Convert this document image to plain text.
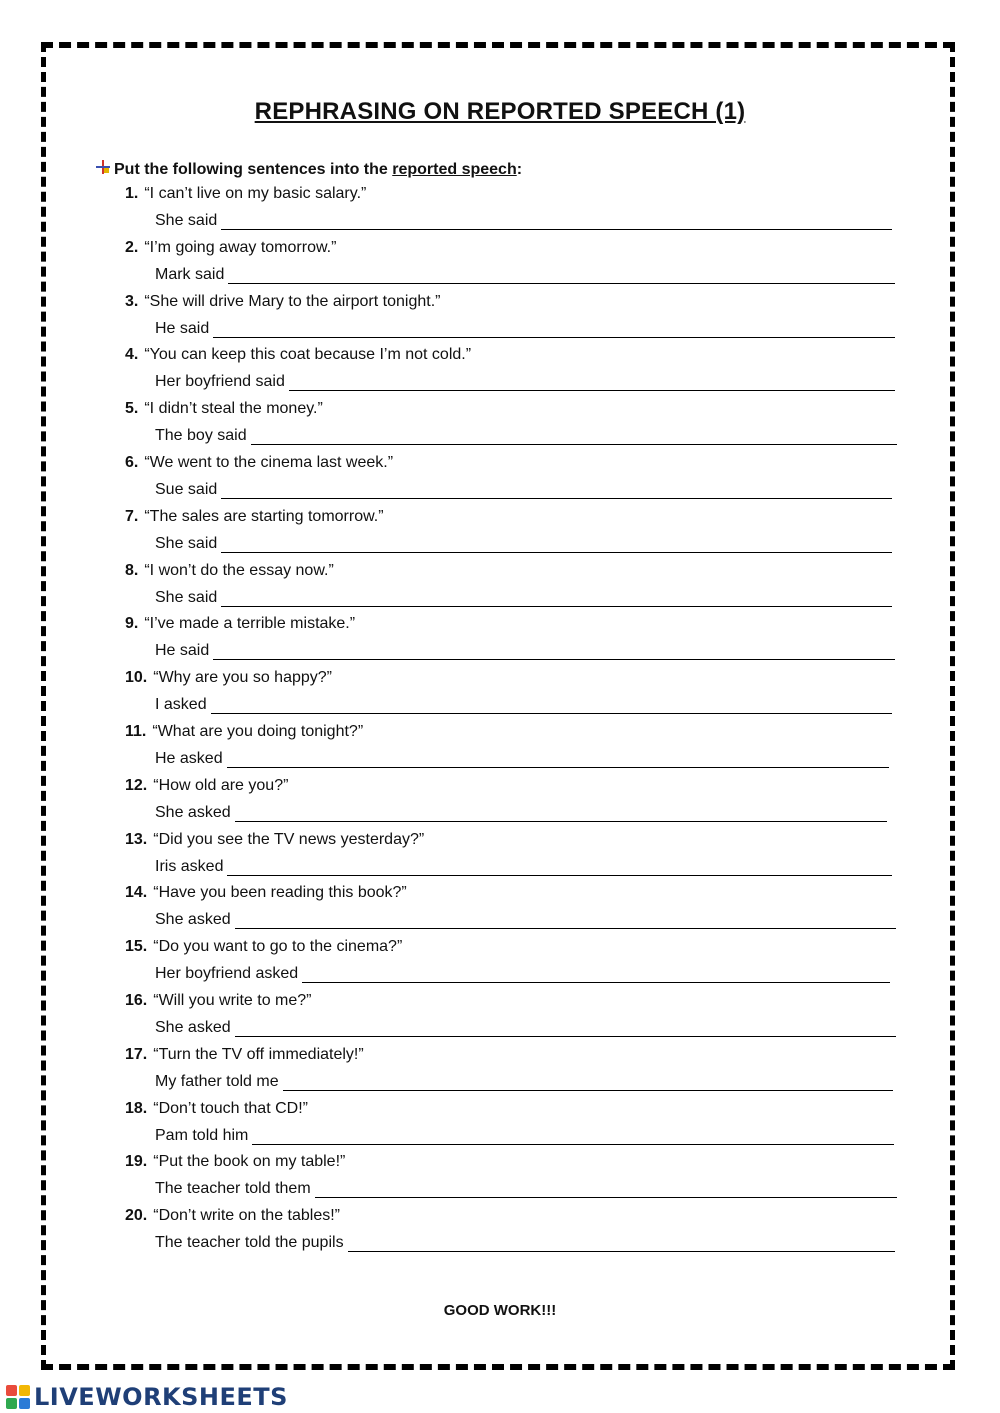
REPHRASING ON REPORTED SPEECH (1)
Put the following sentences into the reported speech:
1. “I can’t live on my basic salary.”
She said
2. “I’m going away tomorrow.”
Mark said
3. “She will drive Mary to the airport tonight.”
He said
4. “You can keep this coat because I’m not cold.”
Her boyfriend said
5. “I didn’t steal the money.”
The boy said
6. “We went to the cinema last week.”
Sue said
7. “The sales are starting tomorrow.”
She said
8. “I won’t do the essay now.”
She said
9. “I’ve made a terrible mistake.”
He said
10. “Why are you so happy?”
I asked
11. “What are you doing tonight?”
He asked
12. “How old are you?”
She asked
13. “Did you see the TV news yesterday?”
Iris asked
14. “Have you been reading this book?”
She asked
15. “Do you want to go to the cinema?”
Her boyfriend asked
16. “Will you write to me?”
She asked
17. “Turn the TV off immediately!”
My father told me
18. “Don’t touch that CD!”
Pam told him
19. “Put the book on my table!”
The teacher told them
20. “Don’t write on the tables!”
The teacher told the pupils
GOOD WORK!!!
LIVEWORKSHEETS
